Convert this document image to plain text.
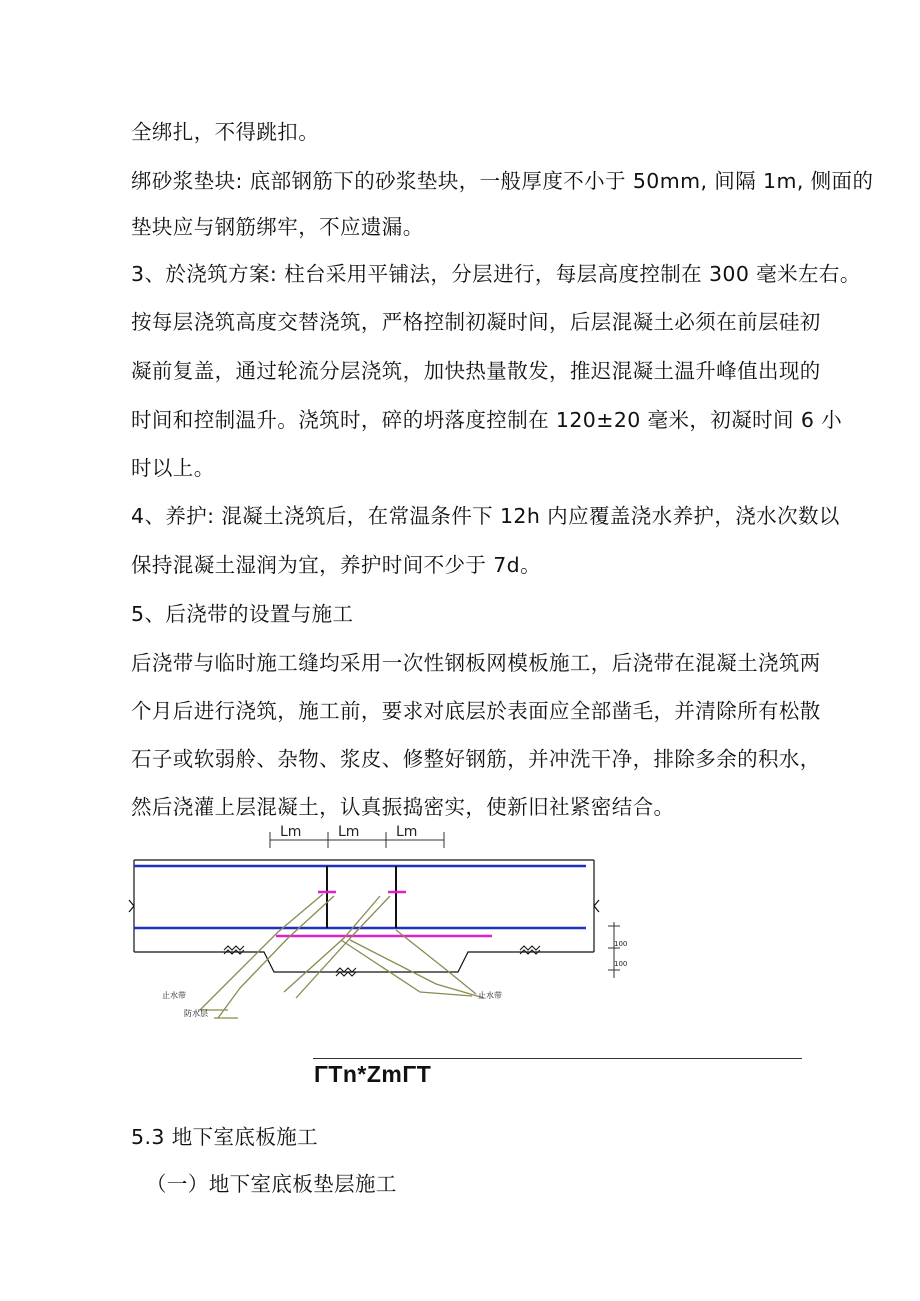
全绑扎，不得跳扣。
绑砂浆垫块: 底部钢筋下的砂浆垫块，一般厚度不小于 50mm, 间隔 1m, 侧面的
垫块应与钢筋绑牢，不应遗漏。
3、於浇筑方案: 柱台采用平铺法，分层进行，每层高度控制在 300 毫米左右。
按每层浇筑高度交替浇筑，严格控制初凝时间，后层混凝土必须在前层硅初
凝前复盖，通过轮流分层浇筑，加快热量散发，推迟混凝土温升峰值出现的
时间和控制温升。浇筑时，碎的坍落度控制在 120±20 毫米，初凝时间 6 小
时以上。
4、养护: 混凝土浇筑后，在常温条件下 12h 内应覆盖浇水养护，浇水次数以
保持混凝土湿润为宜，养护时间不少于 7d。
5、后浇带的设置与施工
后浇带与临时施工缝均采用一次性钢板网模板施工，后浇带在混凝土浇筑两
个月后进行浇筑，施工前，要求对底层於表面应全部凿毛，并清除所有松散
石子或软弱舲、杂物、浆皮、修整好钢筋，并冲洗干净，排除多余的积水，
然后浇灌上层混凝土，认真振捣密实，使新旧社紧密结合。
Lm	Lm	Lm
100
100
止水带
防水层
止水带
ΓTn*ZmΓT
5.3 地下室底板施工
（一）地下室底板垫层施工
